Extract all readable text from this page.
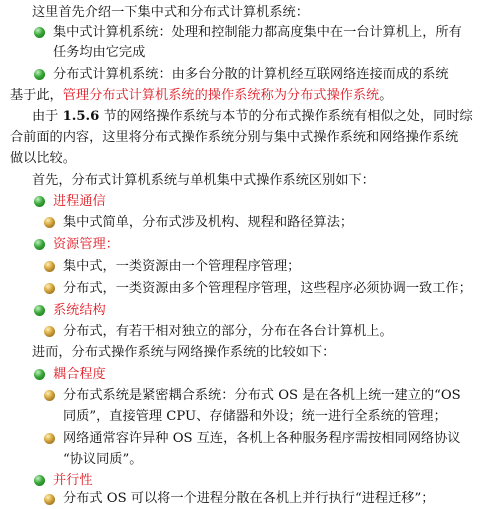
这里首先介绍一下集中式和分布式计算机系统：
集中式计算机系统：处理和控制能力都高度集中在一台计算机上，所有
任务均由它完成
分布式计算机系统：由多台分散的计算机经互联网络连接而成的系统
基于此，管理分布式计算机系统的操作系统称为分布式操作系统。
由于 1.5.6 节的网络操作系统与本节的分布式操作系统有相似之处，同时综
合前面的内容，这里将分布式操作系统分别与集中式操作系统和网络操作系统
做以比较。
首先，分布式计算机系统与单机集中式操作系统区别如下：
进程通信
集中式简单，分布式涉及机构、规程和路径算法；
资源管理：
集中式，一类资源由一个管理程序管理；
分布式，一类资源由多个管理程序管理，这些程序必须协调一致工作；
系统结构
分布式，有若干相对独立的部分，分布在各台计算机上。
进而，分布式操作系统与网络操作系统的比较如下：
耦合程度
分布式系统是紧密耦合系统：分布式 OS 是在各机上统一建立的“OS
同质”，直接管理 CPU、存储器和外设；统一进行全系统的管理；
网络通常容许异种 OS 互连，各机上各种服务程序需按相同网络协议
“协议同质”。
并行性
分布式 OS 可以将一个进程分散在各机上并行执行“进程迁移”；
